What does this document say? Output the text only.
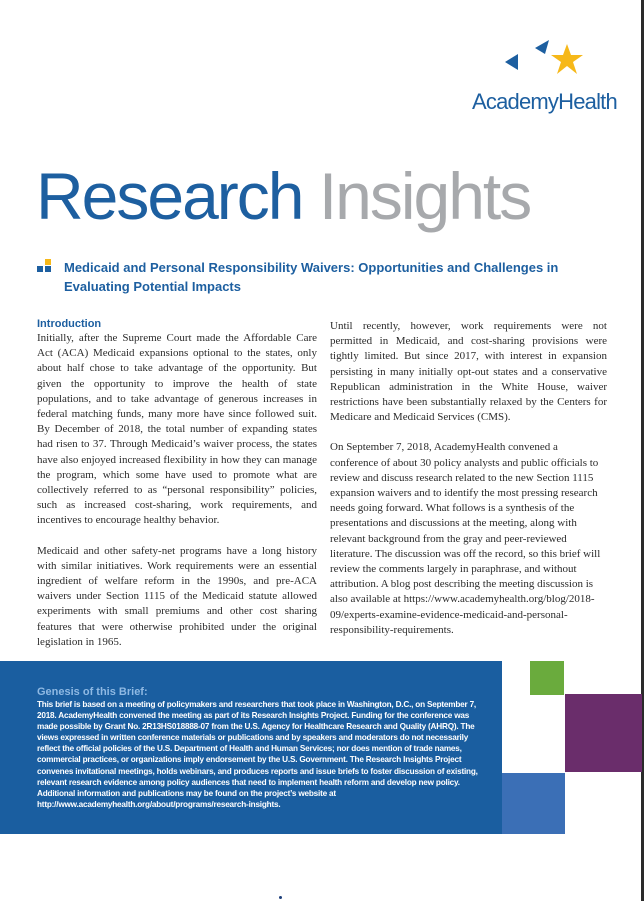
AcademyHealth
Research Insights
Medicaid and Personal Responsibility Waivers: Opportunities and Challenges in Evaluating Potential Impacts
Introduction

Initially, after the Supreme Court made the Affordable Care Act (ACA) Medicaid expansions optional to the states, only about half chose to take advantage of the opportunity. But given the opportunity to improve the health of state populations, and to take advantage of generous increases in federal matching funds, many more have since followed suit. By December of 2018, the total number of expanding states had risen to 37. Through Medicaid’s waiver process, the states have also enjoyed increased flexibility in how they can manage the program, which some have used to promote what are collectively referred to as “personal responsibility” policies, such as increased cost-sharing, work requirements, and incentives to encourage healthy behavior.

Medicaid and other safety-net programs have a long history with similar initiatives. Work requirements were an essential ingredient of welfare reform in the 1990s, and pre-ACA waivers under Section 1115 of the Medicaid statute allowed experiments with small premiums and other cost sharing features that were otherwise prohibited under the original legislation in 1965.

Until recently, however, work requirements were not permitted in Medicaid, and cost-sharing provisions were tightly limited. But since 2017, with interest in expansion persisting in many initially opt-out states and a conservative Republican administration in the White House, waiver restrictions have been substantially relaxed by the Centers for Medicare and Medicaid Services (CMS).

On September 7, 2018, AcademyHealth convened a conference of about 30 policy analysts and public officials to review and discuss research related to the new Section 1115 expansion waivers and to identify the most pressing research needs going forward. What follows is a synthesis of the presentations and discussions at the meeting, along with relevant background from the gray and peer-reviewed literature. The discussion was off the record, so this brief will review the comments largely in paraphrase, and without attribution. A blog post describing the meeting discussion is also available at https://www.academyhealth.org/blog/2018-09/experts-examine-evidence-medicaid-and-personal-responsibility-requirements.

Genesis of this Brief:

This brief is based on a meeting of policymakers and researchers that took place in Washington, D.C., on September 7, 2018. AcademyHealth convened the meeting as part of its Research Insights Project. Funding for the conference was made possible by Grant No. 2R13HS018888-07 from the U.S. Agency for Healthcare Research and Quality (AHRQ). The views expressed in written conference materials or publications and by speakers and moderators do not necessarily reflect the official policies of the U.S. Department of Health and Human Services; nor does mention of trade names, commercial practices, or organizations imply endorsement by the U.S. Government. The Research Insights Project convenes invitational meetings, holds webinars, and produces reports and issue briefs to foster discussion of existing, relevant research evidence among policy audiences that need to implement health reform and develop new policy. Additional information and publications may be found on the project’s website at http://www.academyhealth.org/about/programs/research-insights.
